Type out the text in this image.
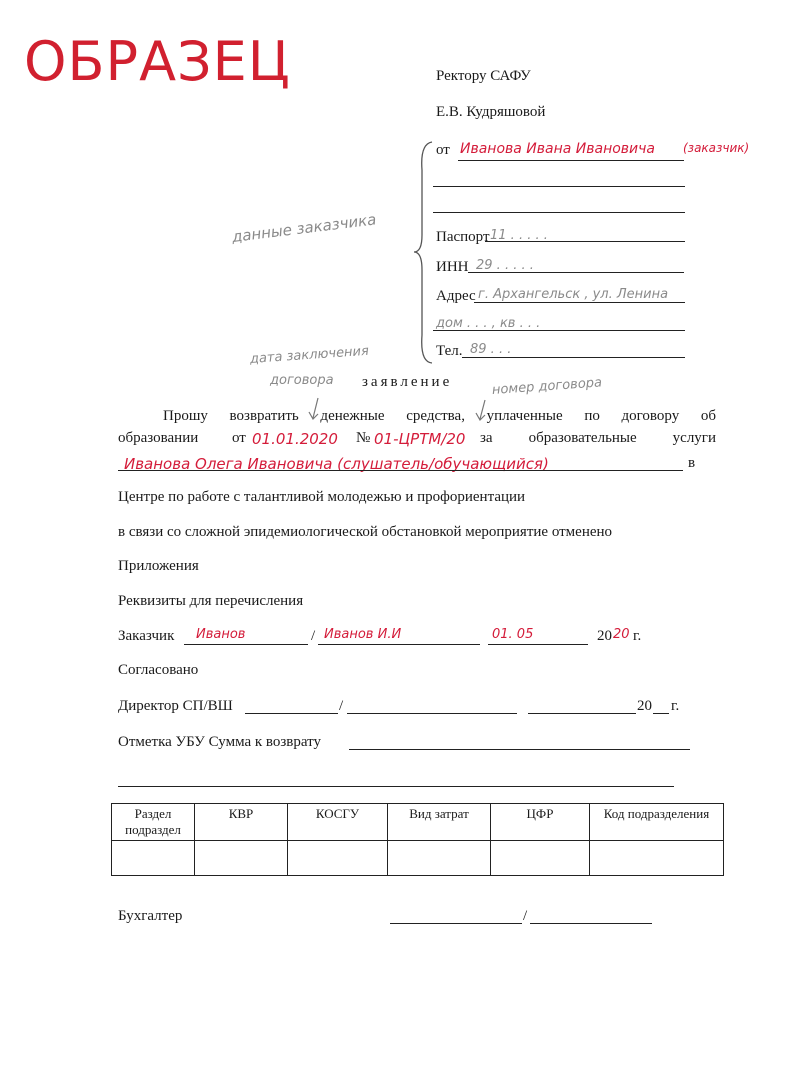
ОБРАЗЕЦ	Ректору САФУ
Е.В. Кудряшовой
от Иванова Ивана Ивановича (заказчик)
Паспорт 11 . . . . .
ИНН 29 . . . . .
Адрес г. Архангельск , ул. Ленина
дом . . . , кв . . .
Тел. 89 . . .
данные заказчика
дата заключения
договора	номер договора
заявление
Прошу возвратить денежные средства, уплаченные по договору об
образовании от 01.01.2020 № 01-ЦРТМ/20 за образовательные услуги
Иванова Олега Ивановича (слушатель/обучающийся)	в
Центре по работе с талантливой молодежью и профориентации
в связи со сложной эпидемиологической обстановкой мероприятие отменено
Приложения
Реквизиты для перечисления
Заказчик Иванов	/ Иванов И.И	01. 05	20 20 г.
Согласовано
Директор СП/ВШ	/	20 г.
Отметка УБУ Сумма к возврату
Раздел подраздел	КВР	КОСГУ	Вид затрат	ЦФР	Код подразделения

Бухгалтер	/
